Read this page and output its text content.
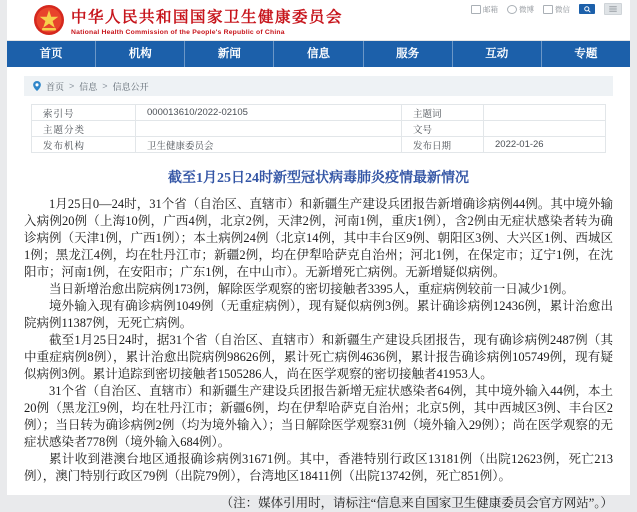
中华人民共和国国家卫生健康委员会
National Health Commission of the People's Republic of China
邮箱	微博	微信
首页	机构	新闻	信息	服务	互动	专题
首页 > 信息 > 信息公开
索引号	000013610/2022-02105	主题词	
主题分类		文号	
发布机构	卫生健康委员会	发布日期	2022-01-26
截至1月25日24时新型冠状病毒肺炎疫情最新情况

1月25日0—24时，31个省（自治区、直辖市）和新疆生产建设兵团报告新增确诊病例44例。其中境外输入病例20例（上海10例，广西4例，北京2例，天津2例，河南1例，重庆1例），含2例由无症状感染者转为确诊病例（天津1例，广西1例）；本土病例24例（北京14例，其中丰台区9例、朝阳区3例、大兴区1例、西城区1例；黑龙江4例，均在牡丹江市；新疆2例，均在伊犁哈萨克自治州；河北1例，在保定市；辽宁1例，在沈阳市；河南1例，在安阳市；广东1例，在中山市）。无新增死亡病例。无新增疑似病例。

当日新增治愈出院病例173例，解除医学观察的密切接触者3395人，重症病例较前一日减少1例。

境外输入现有确诊病例1049例（无重症病例），现有疑似病例3例。累计确诊病例12436例，累计治愈出院病例11387例，无死亡病例。

截至1月25日24时，据31个省（自治区、直辖市）和新疆生产建设兵团报告，现有确诊病例2487例（其中重症病例8例），累计治愈出院病例98626例，累计死亡病例4636例，累计报告确诊病例105749例，现有疑似病例3例。累计追踪到密切接触者1505286人，尚在医学观察的密切接触者41953人。

31个省（自治区、直辖市）和新疆生产建设兵团报告新增无症状感染者64例，其中境外输入44例，本土20例（黑龙江9例，均在牡丹江市；新疆6例，均在伊犁哈萨克自治州；北京5例，其中西城区3例、丰台区2例）；当日转为确诊病例2例（均为境外输入）；当日解除医学观察31例（境外输入29例）；尚在医学观察的无症状感染者778例（境外输入684例）。

累计收到港澳台地区通报确诊病例31671例。其中，香港特别行政区13181例（出院12623例，死亡213例），澳门特别行政区79例（出院79例），台湾地区18411例（出院13742例，死亡851例）。

（注：媒体引用时，请标注“信息来自国家卫生健康委员会官方网站”。）
